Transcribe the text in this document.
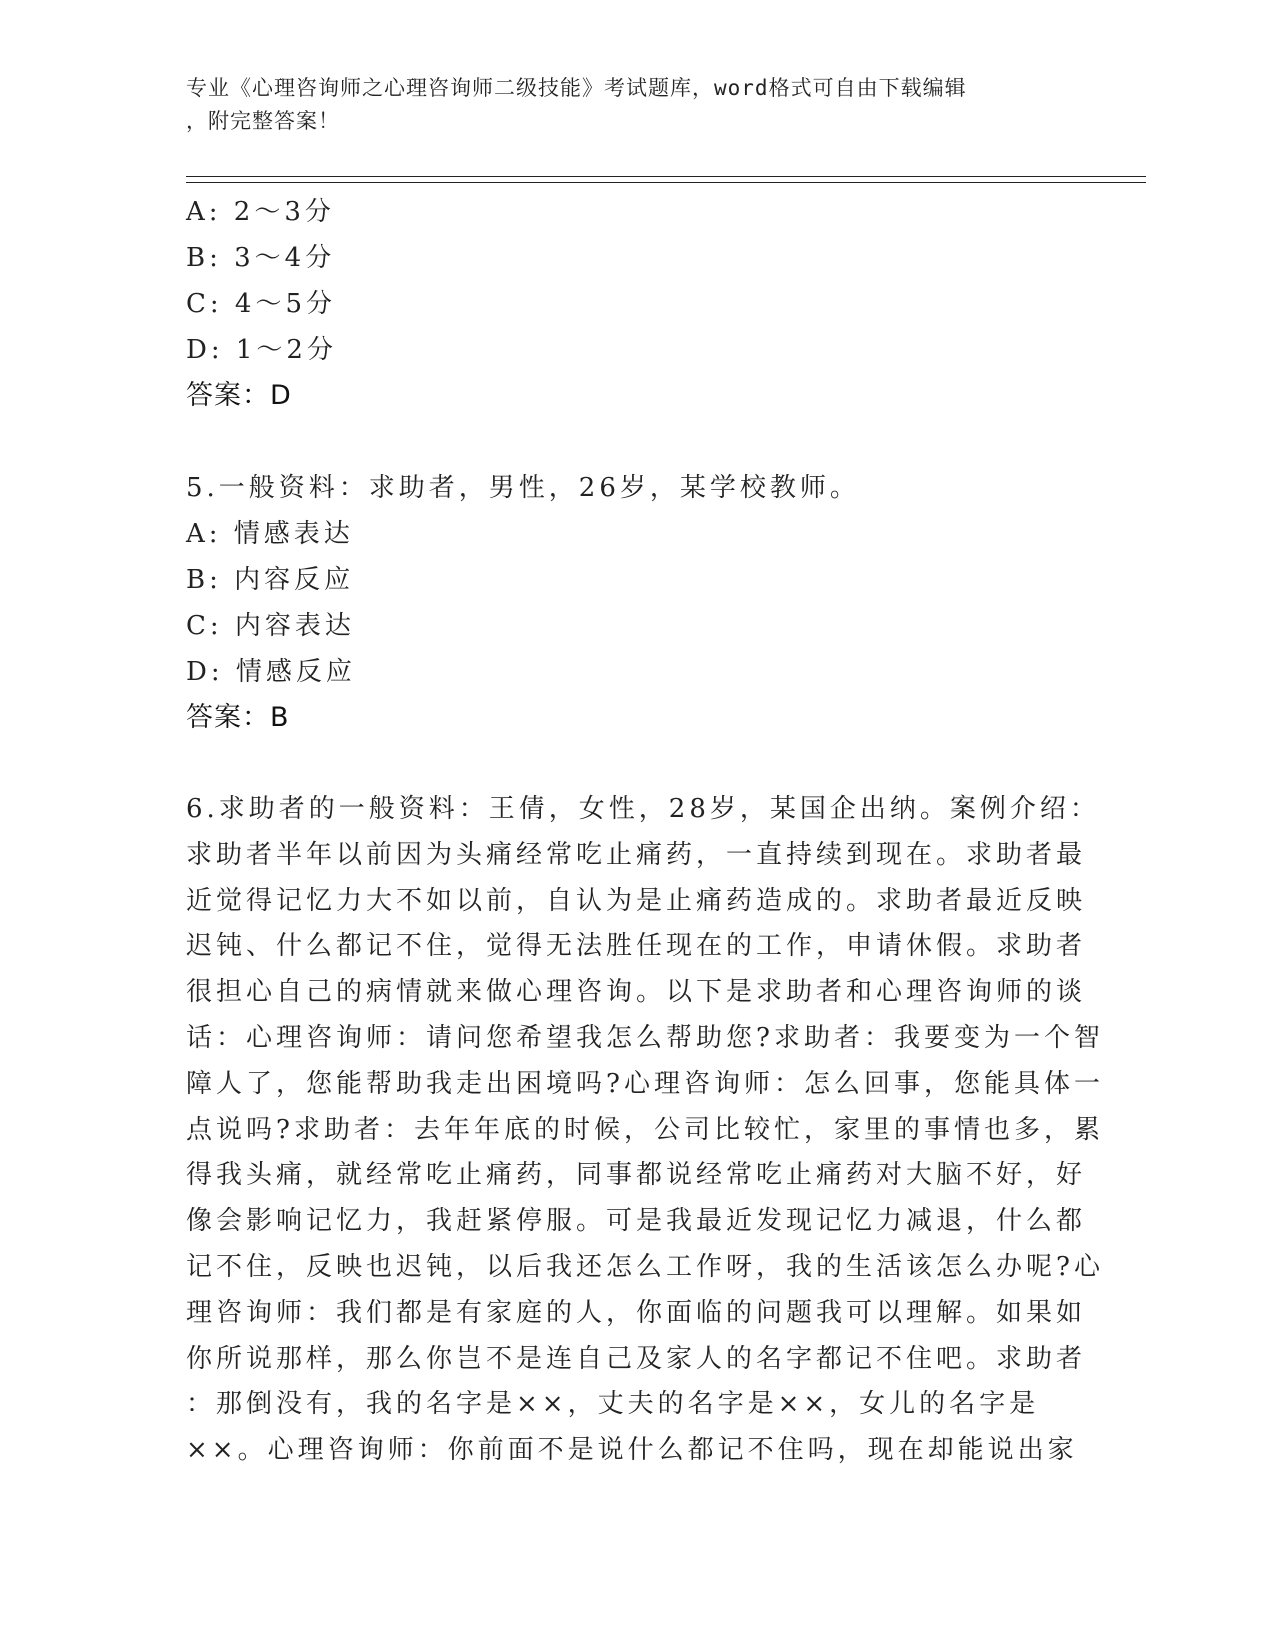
专业《心理咨询师之心理咨询师二级技能》考试题库，word格式可自由下载编辑
，附完整答案！
A: 2～3分
B: 3～4分
C: 4～5分
D: 1～2分
答案：D
5.一般资料：求助者，男性，26岁，某学校教师。
A: 情感表达
B: 内容反应
C: 内容表达
D: 情感反应
答案：B
6.求助者的一般资料：王倩，女性，28岁，某国企出纳。案例介绍：
求助者半年以前因为头痛经常吃止痛药，一直持续到现在。求助者最
近觉得记忆力大不如以前，自认为是止痛药造成的。求助者最近反映
迟钝、什么都记不住，觉得无法胜任现在的工作，申请休假。求助者
很担心自己的病情就来做心理咨询。以下是求助者和心理咨询师的谈
话：心理咨询师：请问您希望我怎么帮助您?求助者：我要变为一个智
障人了，您能帮助我走出困境吗?心理咨询师：怎么回事，您能具体一
点说吗?求助者：去年年底的时候，公司比较忙，家里的事情也多，累
得我头痛，就经常吃止痛药，同事都说经常吃止痛药对大脑不好，好
像会影响记忆力，我赶紧停服。可是我最近发现记忆力减退，什么都
记不住，反映也迟钝，以后我还怎么工作呀，我的生活该怎么办呢?心
理咨询师：我们都是有家庭的人，你面临的问题我可以理解。如果如
你所说那样，那么你岂不是连自己及家人的名字都记不住吧。求助者
：那倒没有，我的名字是××，丈夫的名字是××，女儿的名字是
××。心理咨询师：你前面不是说什么都记不住吗，现在却能说出家
